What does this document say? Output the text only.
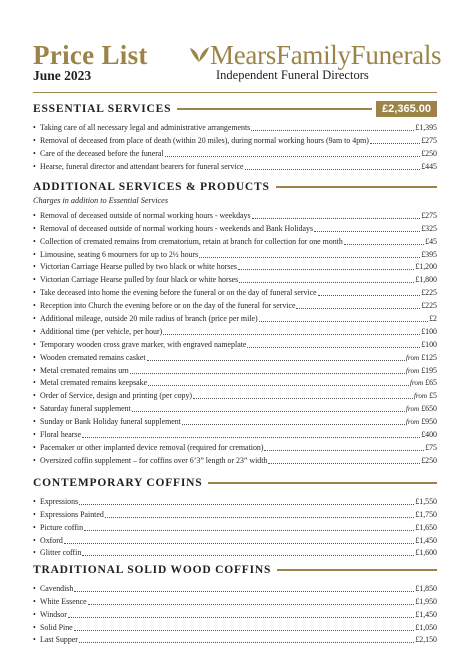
Price List
June 2023
MearsFamilyFunerals
Independent Funeral Directors
ESSENTIAL SERVICES	£2,365.00
• Taking care of all necessary legal and administrative arrangements	£1,395
• Removal of deceased from place of death (within 20 miles), during normal working hours (9am to 4pm)	£275
• Care of the deceased before the funeral	£250
• Hearse, funeral director and attendant bearers for funeral service	£445
ADDITIONAL SERVICES & PRODUCTS
Charges in addition to Essential Services
• Removal of deceased outside of normal working hours - weekdays	£275
• Removal of deceased outside of normal working hours - weekends and Bank Holidays	£325
• Collection of cremated remains from crematorium, retain at branch for collection for one month	£45
• Limousine, seating 6 mourners for up to 2½ hours	£395
• Victorian Carriage Hearse pulled by two black or white horses	£1,200
• Victorian Carriage Hearse pulled by four black or white horses	£1,800
• Take deceased into home the evening before the funeral or on the day of funeral service	£225
• Reception into Church the evening before or on the day of the funeral for service	£225
• Additional mileage, outside 20 mile radius of branch (price per mile)	£2
• Additional time (per vehicle, per hour)	£100
• Temporary wooden cross grave marker, with engraved nameplate	£100
• Wooden cremated remains casket	from £125
• Metal cremated remains urn	from £195
• Metal cremated remains keepsake	from £65
• Order of Service, design and printing (per copy)	from £5
• Saturday funeral supplement	from £650
• Sunday or Bank Holiday funeral supplement	from £950
• Floral hearse	£400
• Pacemaker or other implanted device removal (required for cremation)	£75
• Oversized coffin supplement – for coffins over 6’3” length or 23” width	£250
CONTEMPORARY COFFINS
• Expressions	£1,550
• Expressions Painted	£1,750
• Picture coffin	£1,650
• Oxford	£1,450
• Glitter coffin	£1,600
TRADITIONAL SOLID WOOD COFFINS
• Cavendish	£1,850
• White Essence	£1,950
• Windsor	£1,450
• Solid Pine	£1,050
• Last Supper	£2,150
